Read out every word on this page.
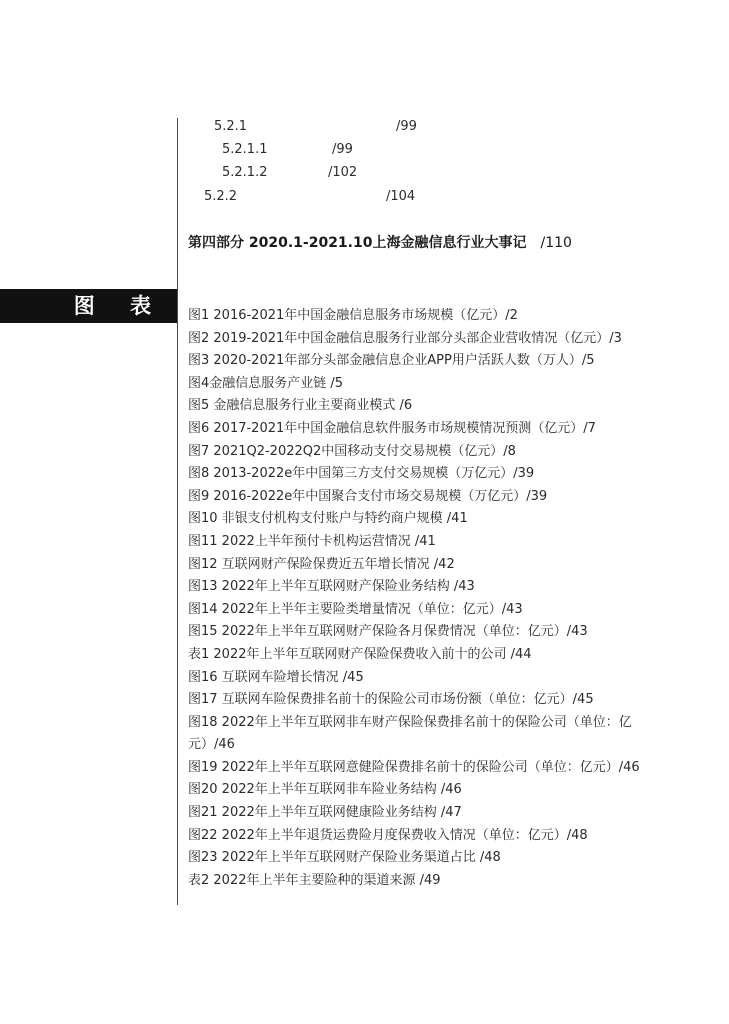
5.2.1	/99
5.2.1.1	/99
5.2.1.2	/102
5.2.2	/104
第四部分 2020.1-2021.10上海金融信息行业大事记 /110
图 表 图1 2016-2021年中国金融信息服务市场规模（亿元）/2
图2 2019-2021年中国金融信息服务行业部分头部企业营收情况（亿元）/3
图3 2020-2021年部分头部金融信息企业APP用户活跃人数（万人）/5
图4金融信息服务产业链 /5
图5 金融信息服务行业主要商业模式 /6
图6 2017-2021年中国金融信息软件服务市场规模情况预测（亿元）/7
图7 2021Q2-2022Q2中国移动支付交易规模（亿元）/8
图8 2013-2022e年中国第三方支付交易规模（万亿元）/39
图9 2016-2022e年中国聚合支付市场交易规模（万亿元）/39
图10 非银支付机构支付账户与特约商户规模 /41
图11 2022上半年预付卡机构运营情况 /41
图12 互联网财产保险保费近五年增长情况 /42
图13 2022年上半年互联网财产保险业务结构 /43
图14 2022年上半年主要险类增量情况（单位：亿元）/43
图15 2022年上半年互联网财产保险各月保费情况（单位：亿元）/43
表1 2022年上半年互联网财产保险保费收入前十的公司 /44
图16 互联网车险增长情况 /45
图17 互联网车险保费排名前十的保险公司市场份额（单位：亿元）/45
图18 2022年上半年互联网非车财产保险保费排名前十的保险公司（单位：亿元）/46
图19 2022年上半年互联网意健险保费排名前十的保险公司（单位：亿元）/46
图20 2022年上半年互联网非车险业务结构 /46
图21 2022年上半年互联网健康险业务结构 /47
图22 2022年上半年退货运费险月度保费收入情况（单位：亿元）/48
图23 2022年上半年互联网财产保险业务渠道占比 /48
表2 2022年上半年主要险种的渠道来源 /49
